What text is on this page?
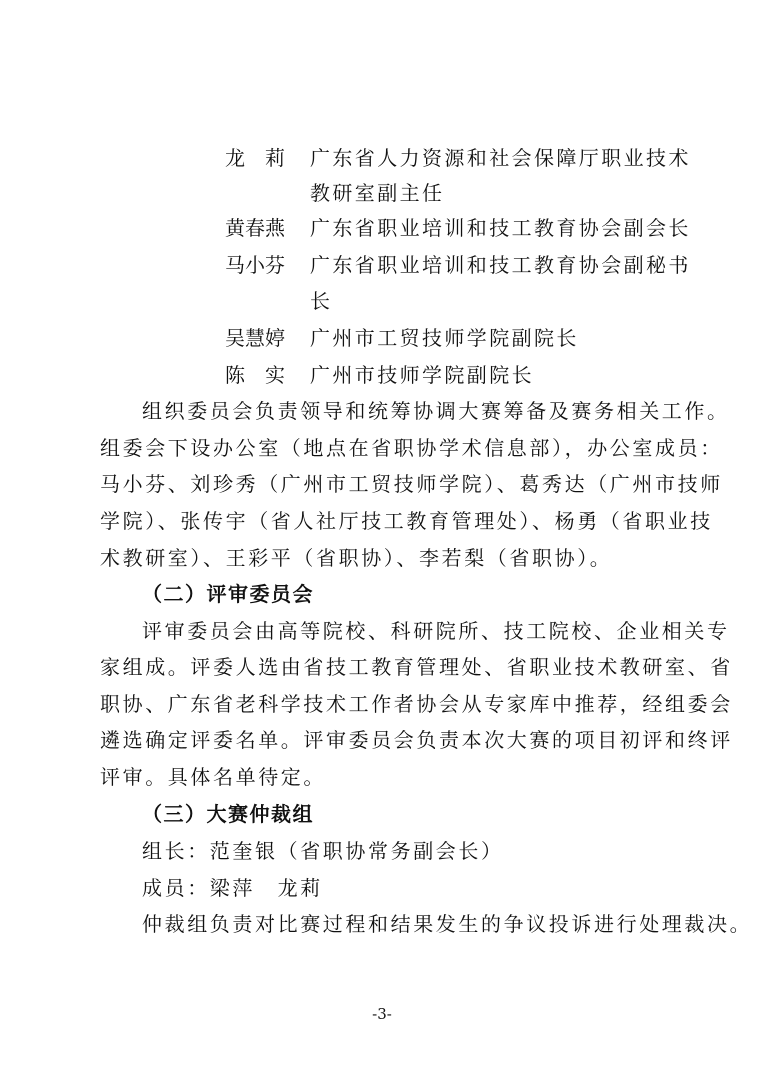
龙　莉 广东省人力资源和社会保障厅职业技术
教研室副主任
黄春燕 广东省职业培训和技工教育协会副会长
马小芬 广东省职业培训和技工教育协会副秘书
长
吴慧婷 广州市工贸技师学院副院长
陈　实 广州市技师学院副院长
组织委员会负责领导和统筹协调大赛筹备及赛务相关工作。
组委会下设办公室（地点在省职协学术信息部），办公室成员：
马小芬、刘珍秀（广州市工贸技师学院）、葛秀达（广州市技师
学院）、张传宇（省人社厅技工教育管理处）、杨勇（省职业技
术教研室）、王彩平（省职协）、李若梨（省职协）。
（二）评审委员会
评审委员会由高等院校、科研院所、技工院校、企业相关专
家组成。评委人选由省技工教育管理处、省职业技术教研室、省
职协、广东省老科学技术工作者协会从专家库中推荐，经组委会
遴选确定评委名单。评审委员会负责本次大赛的项目初评和终评
评审。具体名单待定。
（三）大赛仲裁组
组长：范奎银（省职协常务副会长）
成员：梁萍　龙莉
仲裁组负责对比赛过程和结果发生的争议投诉进行处理裁决。
-3-
